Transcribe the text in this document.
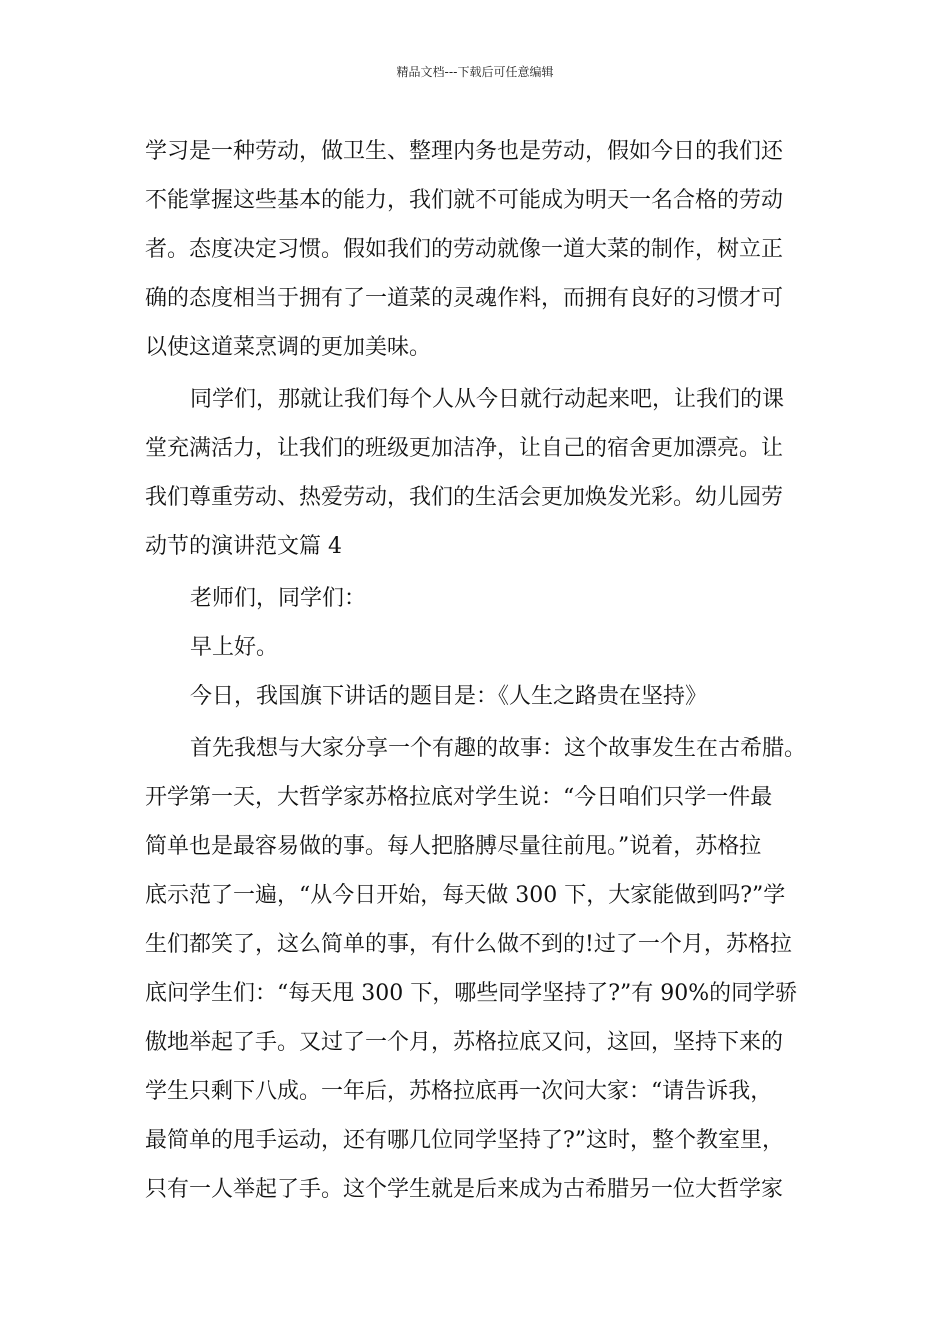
精品文档---下载后可任意编辑
学习是一种劳动，做卫生、整理内务也是劳动，假如今日的我们还
不能掌握这些基本的能力，我们就不可能成为明天一名合格的劳动
者。态度决定习惯。假如我们的劳动就像一道大菜的制作，树立正
确的态度相当于拥有了一道菜的灵魂作料，而拥有良好的习惯才可
以使这道菜烹调的更加美味。
同学们，那就让我们每个人从今日就行动起来吧，让我们的课
堂充满活力，让我们的班级更加洁净，让自己的宿舍更加漂亮。让
我们尊重劳动、热爱劳动，我们的生活会更加焕发光彩。幼儿园劳
动节的演讲范文篇 4
老师们，同学们：
早上好。
今日，我国旗下讲话的题目是：《人生之路贵在坚持》
首先我想与大家分享一个有趣的故事：这个故事发生在古希腊。
开学第一天，大哲学家苏格拉底对学生说：“今日咱们只学一件最
简单也是最容易做的事。每人把胳膊尽量往前甩。”说着，苏格拉
底示范了一遍，“从今日开始，每天做 300 下，大家能做到吗?”学
生们都笑了，这么简单的事，有什么做不到的!过了一个月，苏格拉
底问学生们：“每天甩 300 下，哪些同学坚持了?”有 90%的同学骄
傲地举起了手。又过了一个月，苏格拉底又问，这回，坚持下来的
学生只剩下八成。一年后，苏格拉底再一次问大家：“请告诉我，
最简单的甩手运动，还有哪几位同学坚持了?”这时，整个教室里，
只有一人举起了手。这个学生就是后来成为古希腊另一位大哲学家
